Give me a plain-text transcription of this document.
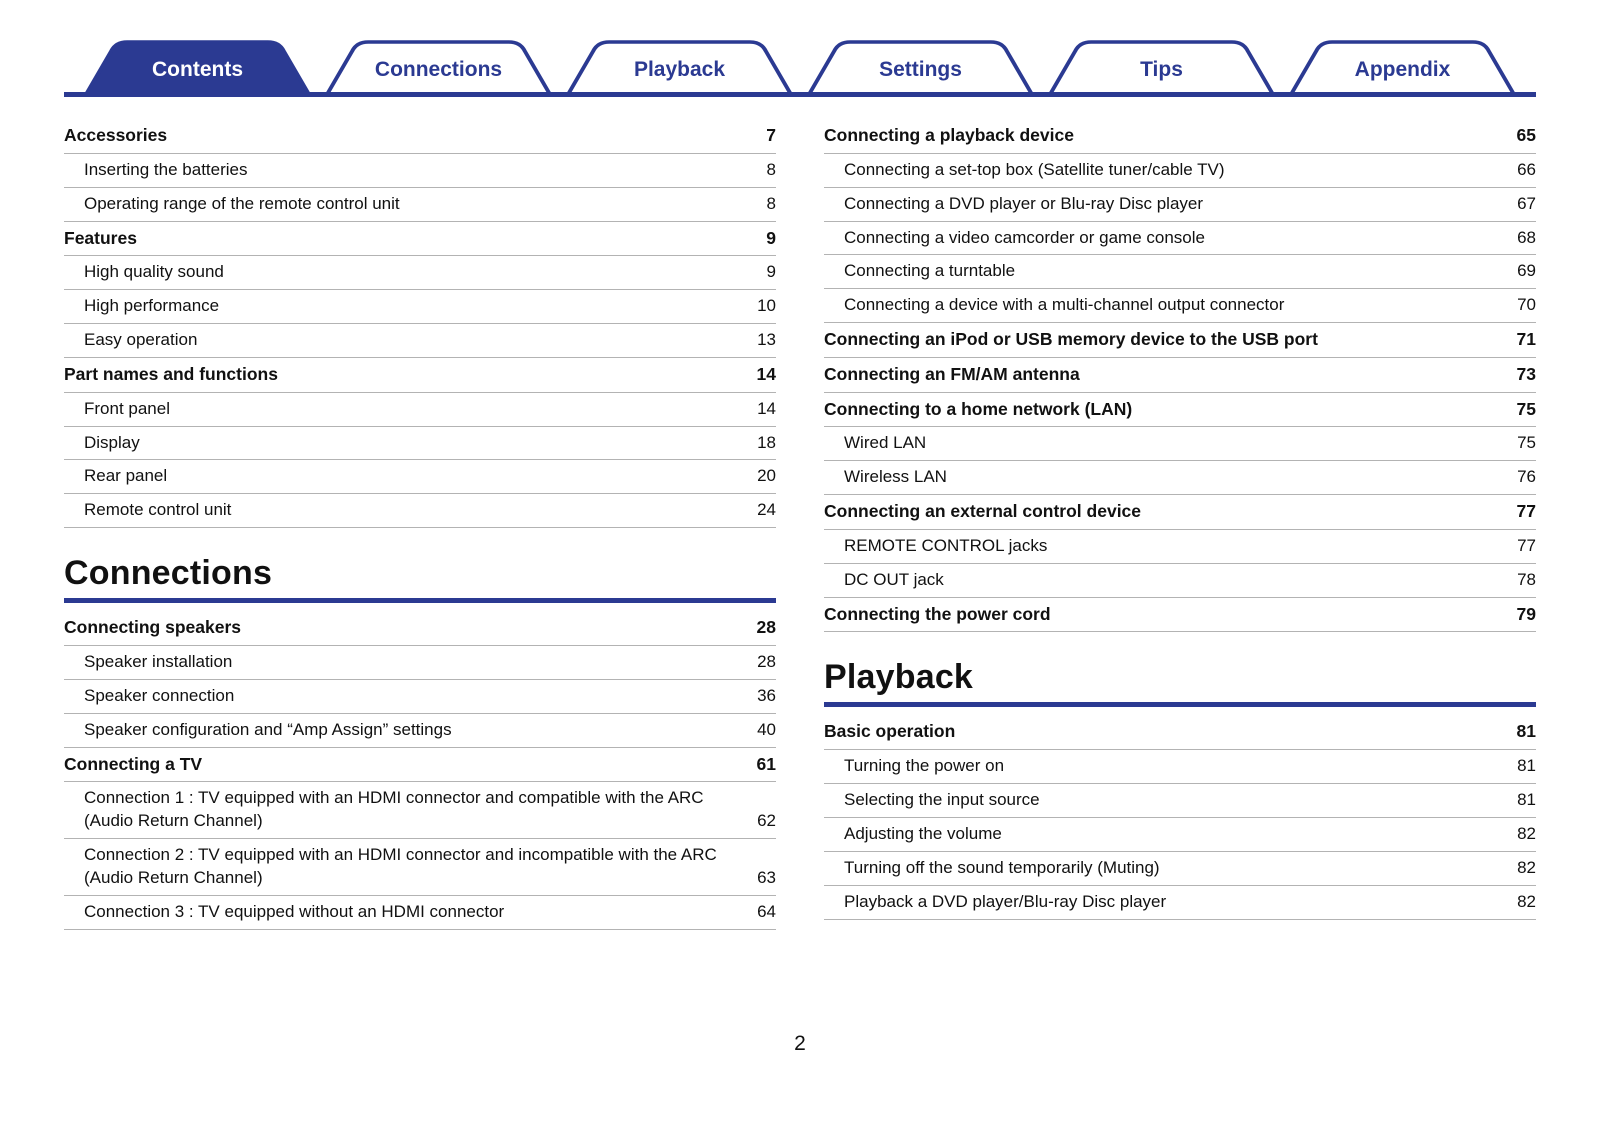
Contents	Connections	Playback	Settings	Tips	Appendix
Accessories	7
Inserting the batteries	8
Operating range of the remote control unit	8
Features	9
High quality sound	9
High performance	10
Easy operation	13
Part names and functions	14
Front panel	14
Display	18
Rear panel	20
Remote control unit	24
Connections
Connecting speakers	28
Speaker installation	28
Speaker connection	36
Speaker configuration and “Amp Assign” settings	40
Connecting a TV	61
Connection 1 : TV equipped with an HDMI connector and compatible with the ARC (Audio Return Channel)	62
Connection 2 : TV equipped with an HDMI connector and incompatible with the ARC (Audio Return Channel)	63
Connection 3 : TV equipped without an HDMI connector	64
Connecting a playback device	65
Connecting a set-top box (Satellite tuner/cable TV)	66
Connecting a DVD player or Blu-ray Disc player	67
Connecting a video camcorder or game console	68
Connecting a turntable	69
Connecting a device with a multi-channel output connector	70
Connecting an iPod or USB memory device to the USB port	71
Connecting an FM/AM antenna	73
Connecting to a home network (LAN)	75
Wired LAN	75
Wireless LAN	76
Connecting an external control device	77
REMOTE CONTROL jacks	77
DC OUT jack	78
Connecting the power cord	79
Playback
Basic operation	81
Turning the power on	81
Selecting the input source	81
Adjusting the volume	82
Turning off the sound temporarily (Muting)	82
Playback a DVD player/Blu-ray Disc player	82
2
